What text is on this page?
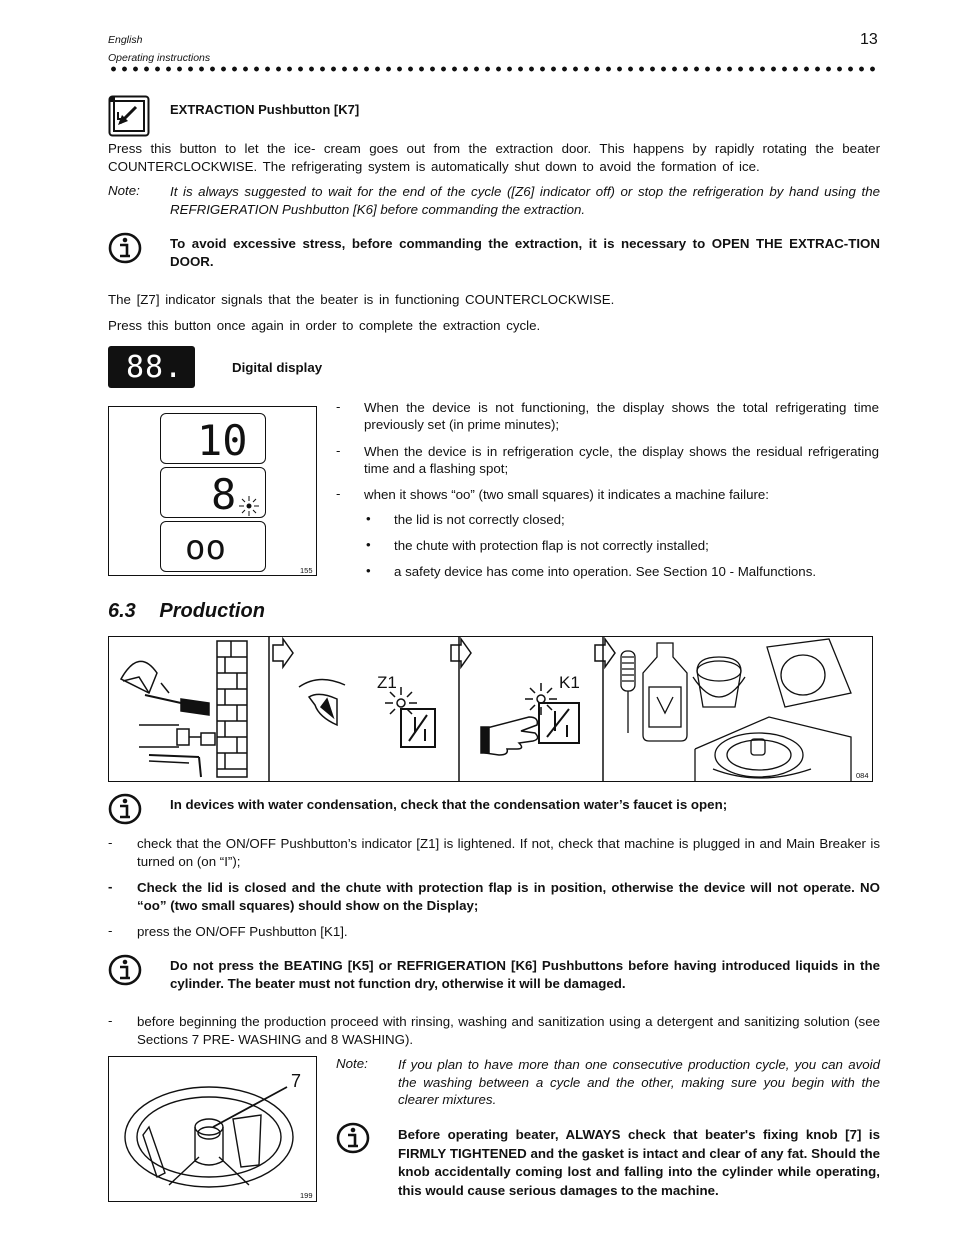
English
Operating instructions
13
EXTRACTION Pushbutton [K7]

Press this button to let the ice- cream goes out from the extraction door. This happens by rapidly rotating the beater COUNTERCLOCKWISE. The refrigerating system is automatically shut down to avoid the formation of ice.

Note: It is always suggested to wait for the end of the cycle ([Z6] indicator off) or stop the refrigeration by hand using the REFRIGERATION Pushbutton [K6] before commanding the extraction.

To avoid excessive stress, before commanding the extraction, it is necessary to OPEN THE EXTRAC-TION DOOR.

The [Z7] indicator signals that the beater is in functioning COUNTERCLOCKWISE.

Press this button once again in order to complete the extraction cycle.

88.	Digital display
10
8
oo
155
- When the device is not functioning, the display shows the total refrigerating time previously set (in prime minutes);

- When the device is in refrigeration cycle, the display shows the residual refrigerating time and a flashing spot;

- when it shows “oo” (two small squares) it indicates a machine failure:

• the lid is not correctly closed;

• the chute with protection flap is not correctly installed;

• a safety device has come into operation. See Section 10 - Malfunctions.

6.3 Production
Z1	K1
084

In devices with water condensation, check that the condensation water’s faucet is open;

- check that the ON/OFF Pushbutton’s indicator [Z1] is lightened. If not, check that machine is plugged in and Main Breaker is turned on (on “I”);

- Check the lid is closed and the chute with protection flap is in position, otherwise the device will not operate. NO “oo” (two small squares) should show on the Display;

- press the ON/OFF Pushbutton [K1].

Do not press the BEATING [K5] or REFRIGERATION [K6] Pushbuttons before having introduced liquids in the cylinder. The beater must not function dry, otherwise it will be damaged.

- before beginning the production proceed with rinsing, washing and sanitization using a detergent and sanitizing solution (see Sections 7 PRE- WASHING and 8 WASHING).

7
199
Note: If you plan to have more than one consecutive production cycle, you can avoid the washing between a cycle and the other, making sure you begin with the clearer mixtures.

Before operating beater, ALWAYS check that beater's fixing knob [7] is FIRMLY TIGHTENED and the gasket is intact and clear of any fat. Should the knob accidentally coming lost and falling into the cylinder while operating, this would cause serious damages to the machine.
